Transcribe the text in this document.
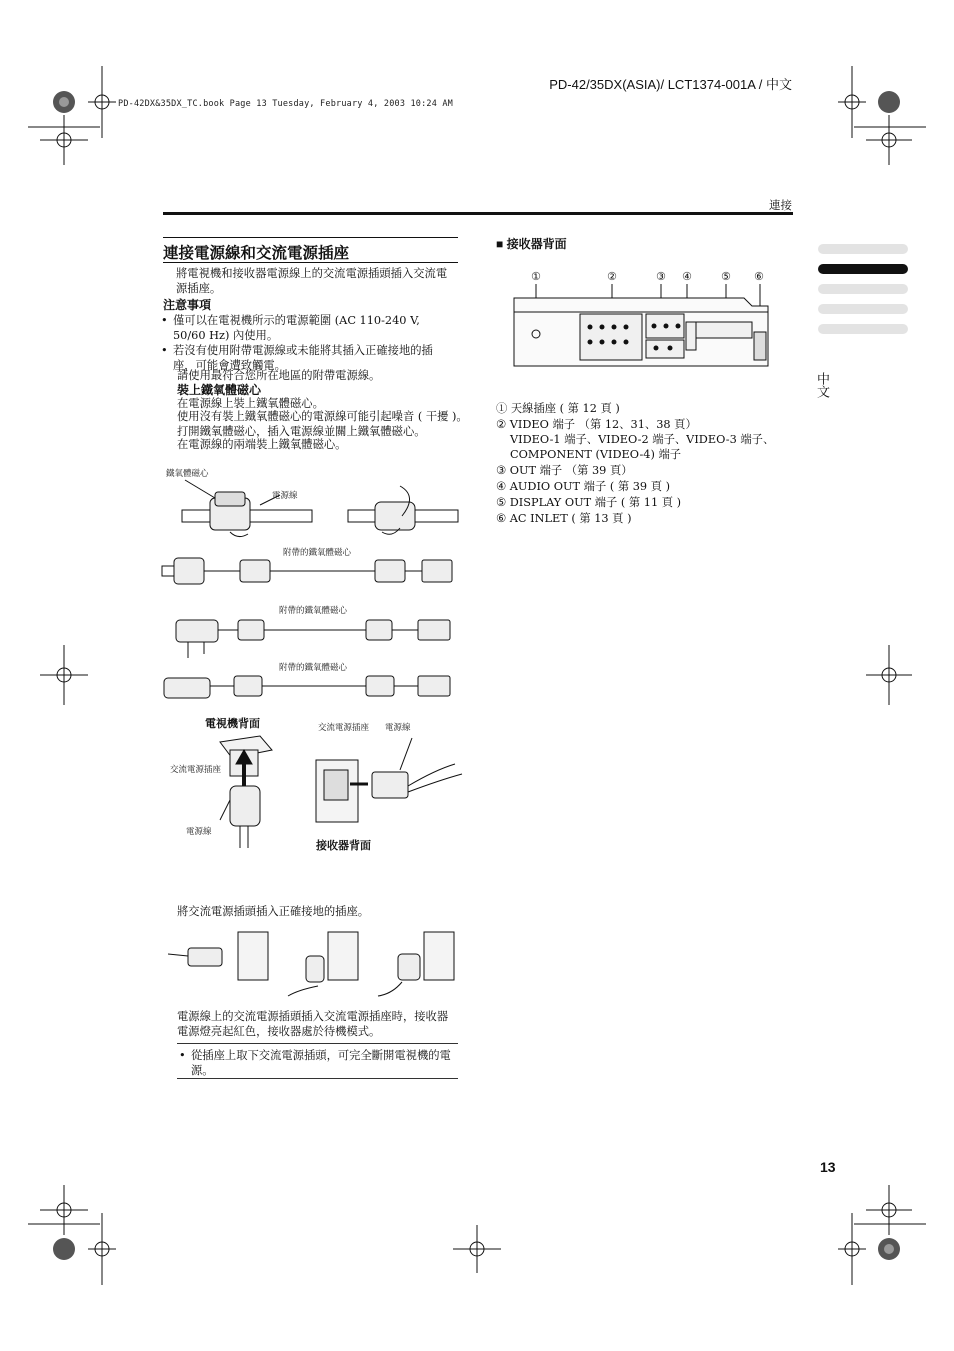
PD-42/35DX(ASIA)/ LCT1374-001A / 中文
PD-42DX&35DX_TC.book Page 13 Tuesday, February 4, 2003 10:24 AM
連接
中文
連接電源線和交流電源插座
將電視機和接收器電源線上的交流電源插頭插入交流電源插座。
注意事項
• 僅可以在電視機所示的電源範圍 (AC 110-240 V, 50/60 Hz) 內使用。
• 若沒有使用附帶電源線或未能將其插入正確接地的插座，可能會遭致觸電。
請使用最符合您所在地區的附帶電源線。
裝上鐵氧體磁心
在電源線上裝上鐵氧體磁心。
使用沒有裝上鐵氧體磁心的電源線可能引起噪音 ( 干擾 )。
打開鐵氧體磁心，插入電源線並關上鐵氧體磁心。
在電源線的兩端裝上鐵氧體磁心。
鐵氧體磁心
電源線
附帶的鐵氧體磁心
附帶的鐵氧體磁心
附帶的鐵氧體磁心
電視機背面	交流電源插座 電源線
交流電源插座
電源線
接收器背面
將交流電源插頭插入正確接地的插座。
電源線上的交流電源插頭插入交流電源插座時，接收器電源燈亮起紅色，接收器處於待機模式。
• 從插座上取下交流電源插頭，可完全斷開電視機的電源。
■ 接收器背面
①	②	③ ④	⑤ ⑥
① 天線插座 ( 第 12 頁 )
② VIDEO 端子 （第 12、31、38 頁）
VIDEO-1 端子、VIDEO-2 端子、VIDEO-3 端子、
COMPONENT (VIDEO-4) 端子
③ OUT 端子 （第 39 頁）
④ AUDIO OUT 端子 ( 第 39 頁 )
⑤ DISPLAY OUT 端子 ( 第 11 頁 )
⑥ AC INLET ( 第 13 頁 )
13
